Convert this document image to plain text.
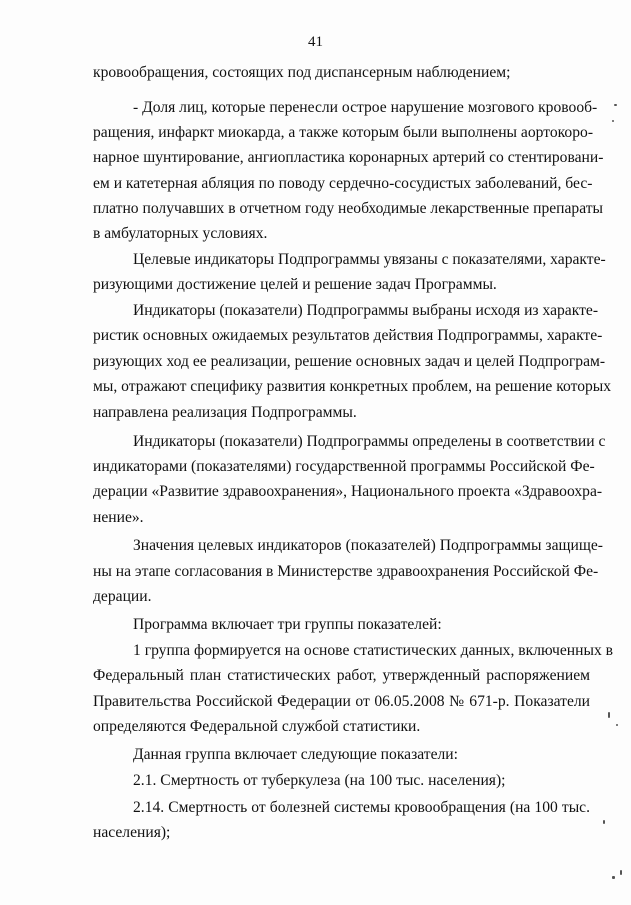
41
кровообращения, состоящих под диспансерным наблюдением;
- Доля лиц, которые перенесли острое нарушение мозгового кровооб-
ращения, инфаркт миокарда, а также которым были выполнены аортокоро-
нарное шунтирование, ангиопластика коронарных артерий со стентировани-
ем и катетерная абляция по поводу сердечно-сосудистых заболеваний, бес-
платно получавших в отчетном году необходимые лекарственные препараты
в амбулаторных условиях.
Целевые индикаторы Подпрограммы увязаны с показателями, характе-
ризующими достижение целей и решение задач Программы.
Индикаторы (показатели) Подпрограммы выбраны исходя из характе-
ристик основных ожидаемых результатов действия Подпрограммы, характе-
ризующих ход ее реализации, решение основных задач и целей Подпрограм-
мы, отражают специфику развития конкретных проблем, на решение которых
направлена реализация Подпрограммы.
Индикаторы (показатели) Подпрограммы определены в соответствии с
индикаторами (показателями) государственной программы Российской Фе-
дерации «Развитие здравоохранения», Национального проекта «Здравоохра-
нение».
Значения целевых индикаторов (показателей) Подпрограммы защище-
ны на этапе согласования в Министерстве здравоохранения Российской Фе-
дерации.
Программа включает три группы показателей:
1 группа формируется на основе статистических данных, включенных в
Федеральный план статистических работ, утвержденный распоряжением
Правительства Российской Федерации от 06.05.2008 № 671-р. Показатели
определяются Федеральной службой статистики.
Данная группа включает следующие показатели:
2.1. Смертность от туберкулеза (на 100 тыс. населения);
2.14. Смертность от болезней системы кровообращения (на 100 тыс.
населения);
